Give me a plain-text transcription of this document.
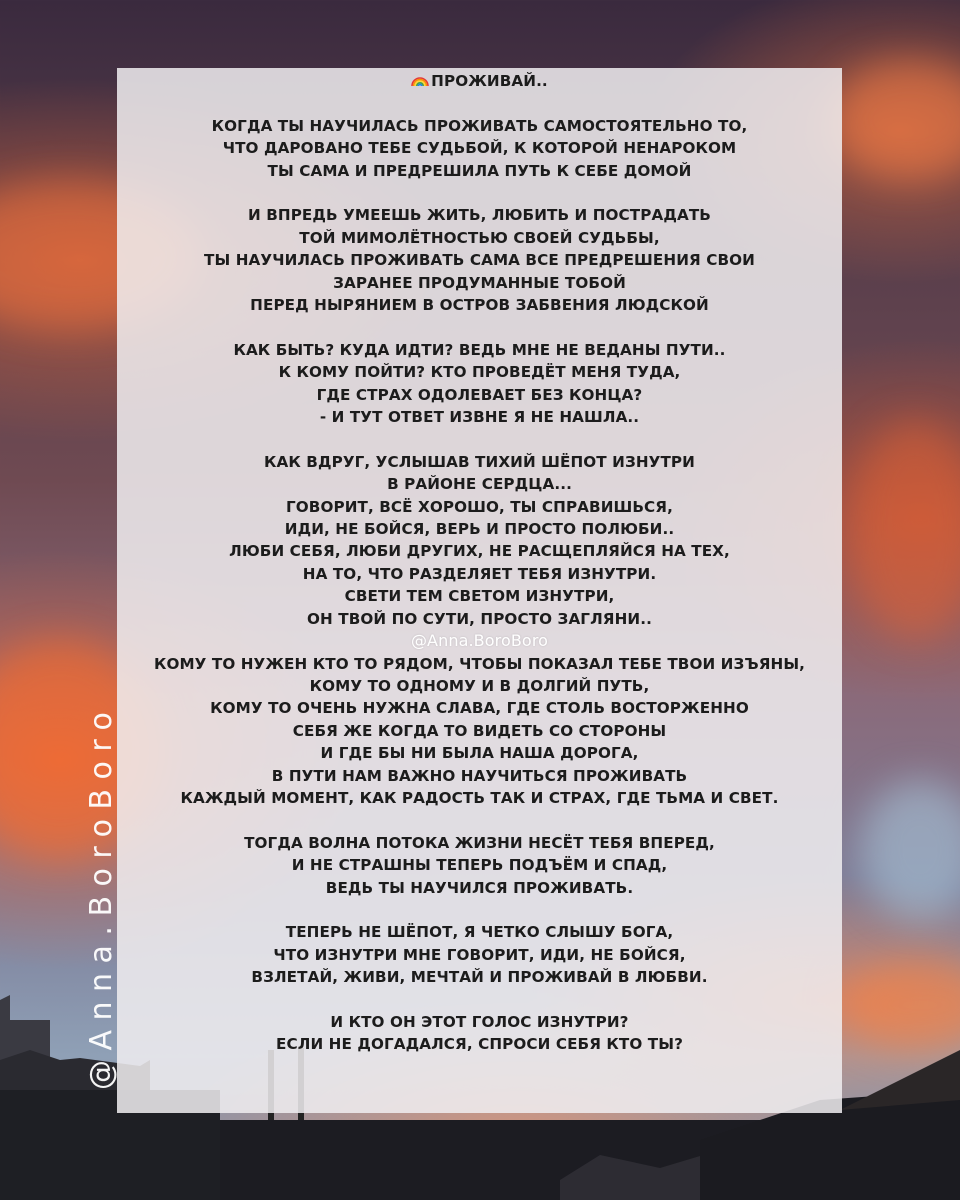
ПРОЖИВАЙ..
КОГДА ТЫ НАУЧИЛАСЬ ПРОЖИВАТЬ САМОСТОЯТЕЛЬНО ТО,
ЧТО ДАРОВАНО ТЕБЕ СУДЬБОЙ, К КОТОРОЙ НЕНАРОКОМ
ТЫ САМА И ПРЕДРЕШИЛА ПУТЬ К СЕБЕ ДОМОЙ
И ВПРЕДЬ УМЕЕШЬ ЖИТЬ, ЛЮБИТЬ И ПОСТРАДАТЬ
ТОЙ МИМОЛЁТНОСТЬЮ СВОЕЙ СУДЬБЫ,
ТЫ НАУЧИЛАСЬ ПРОЖИВАТЬ САМА ВСЕ ПРЕДРЕШЕНИЯ СВОИ
ЗАРАНЕЕ ПРОДУМАННЫЕ ТОБОЙ
ПЕРЕД НЫРЯНИЕМ В ОСТРОВ ЗАБВЕНИЯ ЛЮДСКОЙ
КАК БЫТЬ? КУДА ИДТИ? ВЕДЬ МНЕ НЕ ВЕДАНЫ ПУТИ..
К КОМУ ПОЙТИ? КТО ПРОВЕДЁТ МЕНЯ ТУДА,
ГДЕ СТРАХ ОДОЛЕВАЕТ БЕЗ КОНЦА?
- И ТУТ ОТВЕТ ИЗВНЕ Я НЕ НАШЛА..
КАК ВДРУГ, УСЛЫШАВ ТИХИЙ ШЁПОТ ИЗНУТРИ
В РАЙОНЕ СЕРДЦА...
ГОВОРИТ, ВСЁ ХОРОШО, ТЫ СПРАВИШЬСЯ,
ИДИ, НЕ БОЙСЯ, ВЕРЬ И ПРОСТО ПОЛЮБИ..
ЛЮБИ СЕБЯ, ЛЮБИ ДРУГИХ, НЕ РАСЩЕПЛЯЙСЯ НА ТЕХ,
НА ТО, ЧТО РАЗДЕЛЯЕТ ТЕБЯ ИЗНУТРИ.
СВЕТИ ТЕМ СВЕТОМ ИЗНУТРИ,
ОН ТВОЙ ПО СУТИ, ПРОСТО ЗАГЛЯНИ..
@Anna.BoroBoro
КОМУ ТО НУЖЕН КТО ТО РЯДОМ, ЧТОБЫ ПОКАЗАЛ ТЕБЕ ТВОИ ИЗЪЯНЫ,
КОМУ ТО ОДНОМУ И В ДОЛГИЙ ПУТЬ,
КОМУ ТО ОЧЕНЬ НУЖНА СЛАВА, ГДЕ СТОЛЬ ВОСТОРЖЕННО
СЕБЯ ЖЕ КОГДА ТО ВИДЕТЬ СО СТОРОНЫ
И ГДЕ БЫ НИ БЫЛА НАША ДОРОГА,
В ПУТИ НАМ ВАЖНО НАУЧИТЬСЯ ПРОЖИВАТЬ
КАЖДЫЙ МОМЕНТ, КАК РАДОСТЬ ТАК И СТРАХ, ГДЕ ТЬМА И СВЕТ.
ТОГДА ВОЛНА ПОТОКА ЖИЗНИ НЕСЁТ ТЕБЯ ВПЕРЕД,
И НЕ СТРАШНЫ ТЕПЕРЬ ПОДЪЁМ И СПАД,
ВЕДЬ ТЫ НАУЧИЛСЯ ПРОЖИВАТЬ.
ТЕПЕРЬ НЕ ШЁПОТ, Я ЧЕТКО СЛЫШУ БОГА,
ЧТО ИЗНУТРИ МНЕ ГОВОРИТ, ИДИ, НЕ БОЙСЯ,
ВЗЛЕТАЙ, ЖИВИ, МЕЧТАЙ И ПРОЖИВАЙ В ЛЮБВИ.
И КТО ОН ЭТОТ ГОЛОС ИЗНУТРИ?
ЕСЛИ НЕ ДОГАДАЛСЯ, СПРОСИ СЕБЯ КТО ТЫ?
@Anna.BoroBoro
